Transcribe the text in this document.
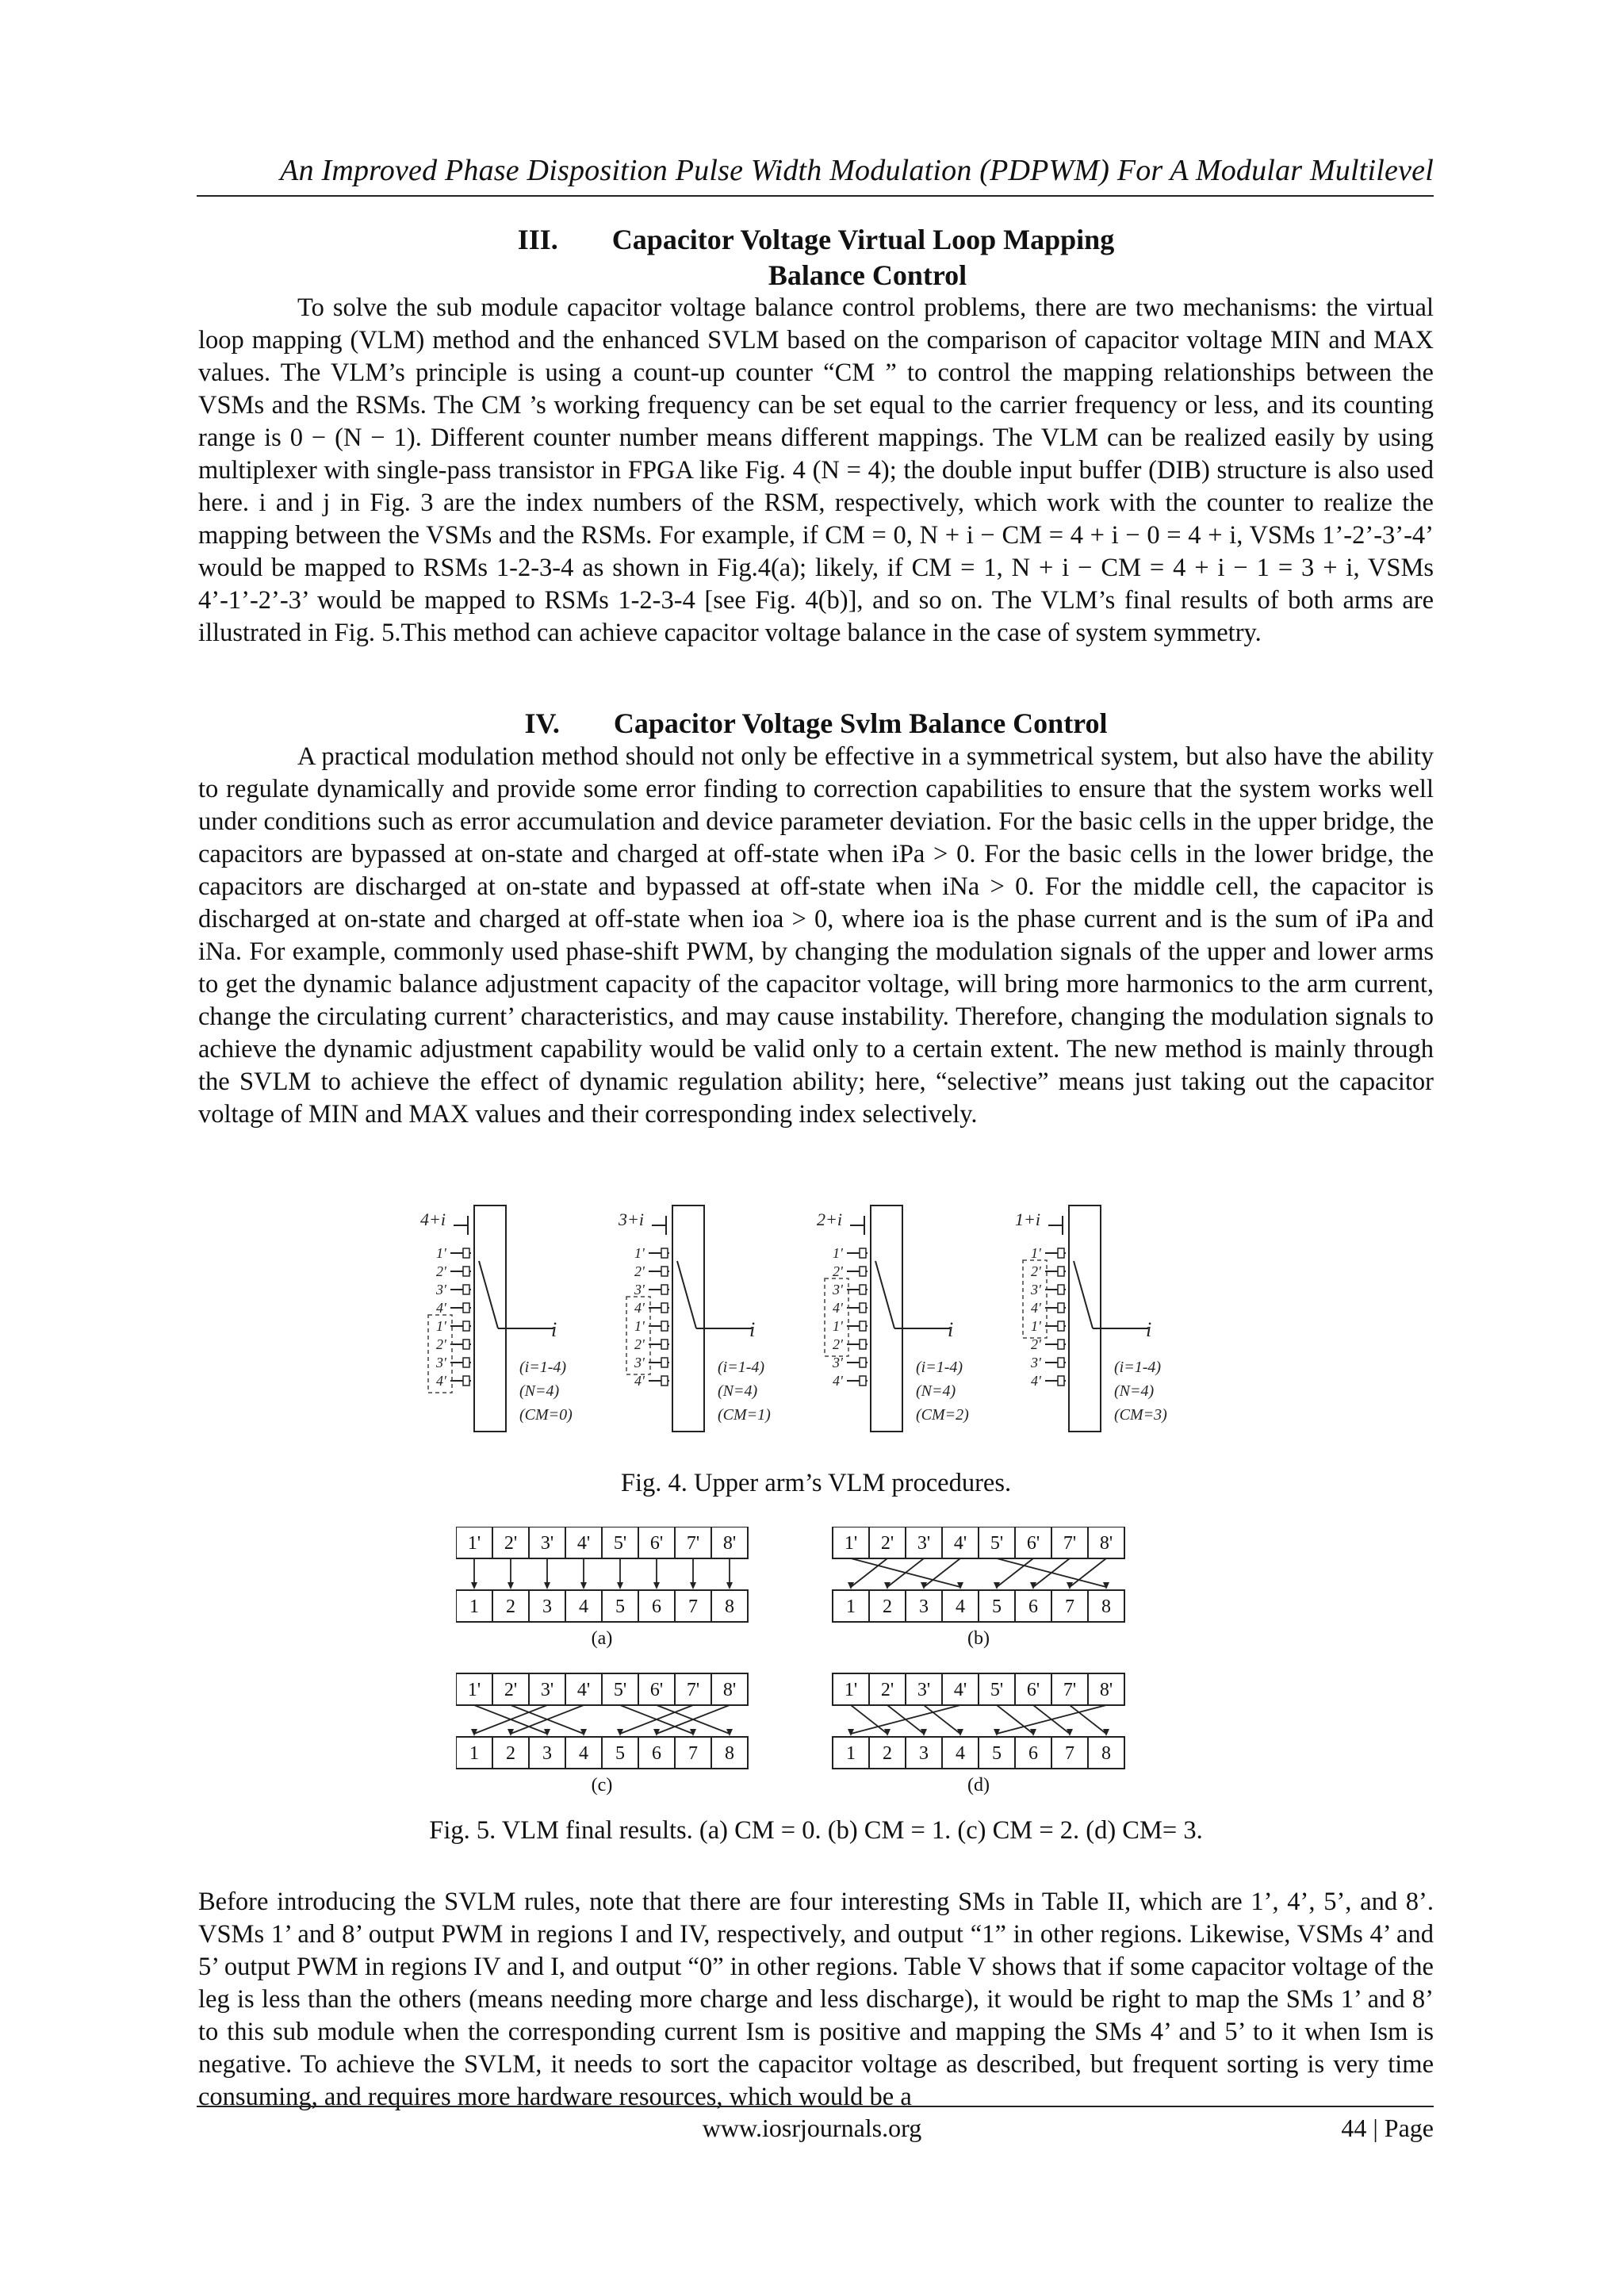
An Improved Phase Disposition Pulse Width Modulation (PDPWM) For A Modular Multilevel
III. Capacitor Voltage Virtual Loop Mapping
Balance Control

To solve the sub module capacitor voltage balance control problems, there are two mechanisms: the virtual loop mapping (VLM) method and the enhanced SVLM based on the comparison of capacitor voltage MIN and MAX values. The VLM’s principle is using a count-up counter “CM ” to control the mapping relationships between the VSMs and the RSMs. The CM ’s working frequency can be set equal to the carrier frequency or less, and its counting range is 0 − (N − 1). Different counter number means different mappings. The VLM can be realized easily by using multiplexer with single-pass transistor in FPGA like Fig. 4 (N = 4); the double input buffer (DIB) structure is also used here. i and j in Fig. 3 are the index numbers of the RSM, respectively, which work with the counter to realize the mapping between the VSMs and the RSMs. For example, if CM = 0, N + i − CM = 4 + i − 0 = 4 + i, VSMs 1’-2’-3’-4’ would be mapped to RSMs 1-2-3-4 as shown in Fig.4(a); likely, if CM = 1, N + i − CM = 4 + i − 1 = 3 + i, VSMs 4’-1’-2’-3’ would be mapped to RSMs 1-2-3-4 [see Fig. 4(b)], and so on. The VLM’s final results of both arms are illustrated in Fig. 5.This method can achieve capacitor voltage balance in the case of system symmetry.

IV. Capacitor Voltage Svlm Balance Control

A practical modulation method should not only be effective in a symmetrical system, but also have the ability to regulate dynamically and provide some error finding to correction capabilities to ensure that the system works well under conditions such as error accumulation and device parameter deviation. For the basic cells in the upper bridge, the capacitors are bypassed at on-state and charged at off-state when iPa > 0. For the basic cells in the lower bridge, the capacitors are discharged at on-state and bypassed at off-state when iNa > 0. For the middle cell, the capacitor is discharged at on-state and charged at off-state when ioa > 0, where ioa is the phase current and is the sum of iPa and iNa. For example, commonly used phase-shift PWM, by changing the modulation signals of the upper and lower arms to get the dynamic balance adjustment capacity of the capacitor voltage, will bring more harmonics to the arm current, change the circulating current’ characteristics, and may cause instability. Therefore, changing the modulation signals to achieve the dynamic adjustment capability would be valid only to a certain extent. The new method is mainly through the SVLM to achieve the effect of dynamic regulation ability; here, “selective” means just taking out the capacitor voltage of MIN and MAX values and their corresponding index selectively.

4+i
1'
2'
3'
4'
1'
2'
3'
4'
i
(i=1-4)
(N=4)
(CM=0)
3+i
1'
2'
3'
4'
1'
2'
3'
4'
i
(i=1-4)
(N=4)
(CM=1)
2+i
1'
2'
3'
4'
1'
2'
3'
4'
i
(i=1-4)
(N=4)
(CM=2)
1+i
1'
2'
3'
4'
1'
2'
3'
4'
i
(i=1-4)
(N=4)
(CM=3)
Fig. 4. Upper arm’s VLM procedures.
1' 2' 3' 4' 5' 6' 7' 8'
1 2 3 4 5 6 7 8
(a)
1' 2' 3' 4' 5' 6' 7' 8'
1 2 3 4 5 6 7 8
(b)
1' 2' 3' 4' 5' 6' 7' 8'
1 2 3 4 5 6 7 8
(c)
1' 2' 3' 4' 5' 6' 7' 8'
1 2 3 4 5 6 7 8
(d)
Fig. 5. VLM final results. (a) CM = 0. (b) CM = 1. (c) CM = 2. (d) CM= 3.

Before introducing the SVLM rules, note that there are four interesting SMs in Table II, which are 1’, 4’, 5’, and 8’. VSMs 1’ and 8’ output PWM in regions I and IV, respectively, and output “1” in other regions. Likewise, VSMs 4’ and 5’ output PWM in regions IV and I, and output “0” in other regions. Table V shows that if some capacitor voltage of the leg is less than the others (means needing more charge and less discharge), it would be right to map the SMs 1’ and 8’ to this sub module when the corresponding current Ism is positive and mapping the SMs 4’ and 5’ to it when Ism is negative. To achieve the SVLM, it needs to sort the capacitor voltage as described, but frequent sorting is very time consuming, and requires more hardware resources, which would be a

www.iosrjournals.org	44 | Page
